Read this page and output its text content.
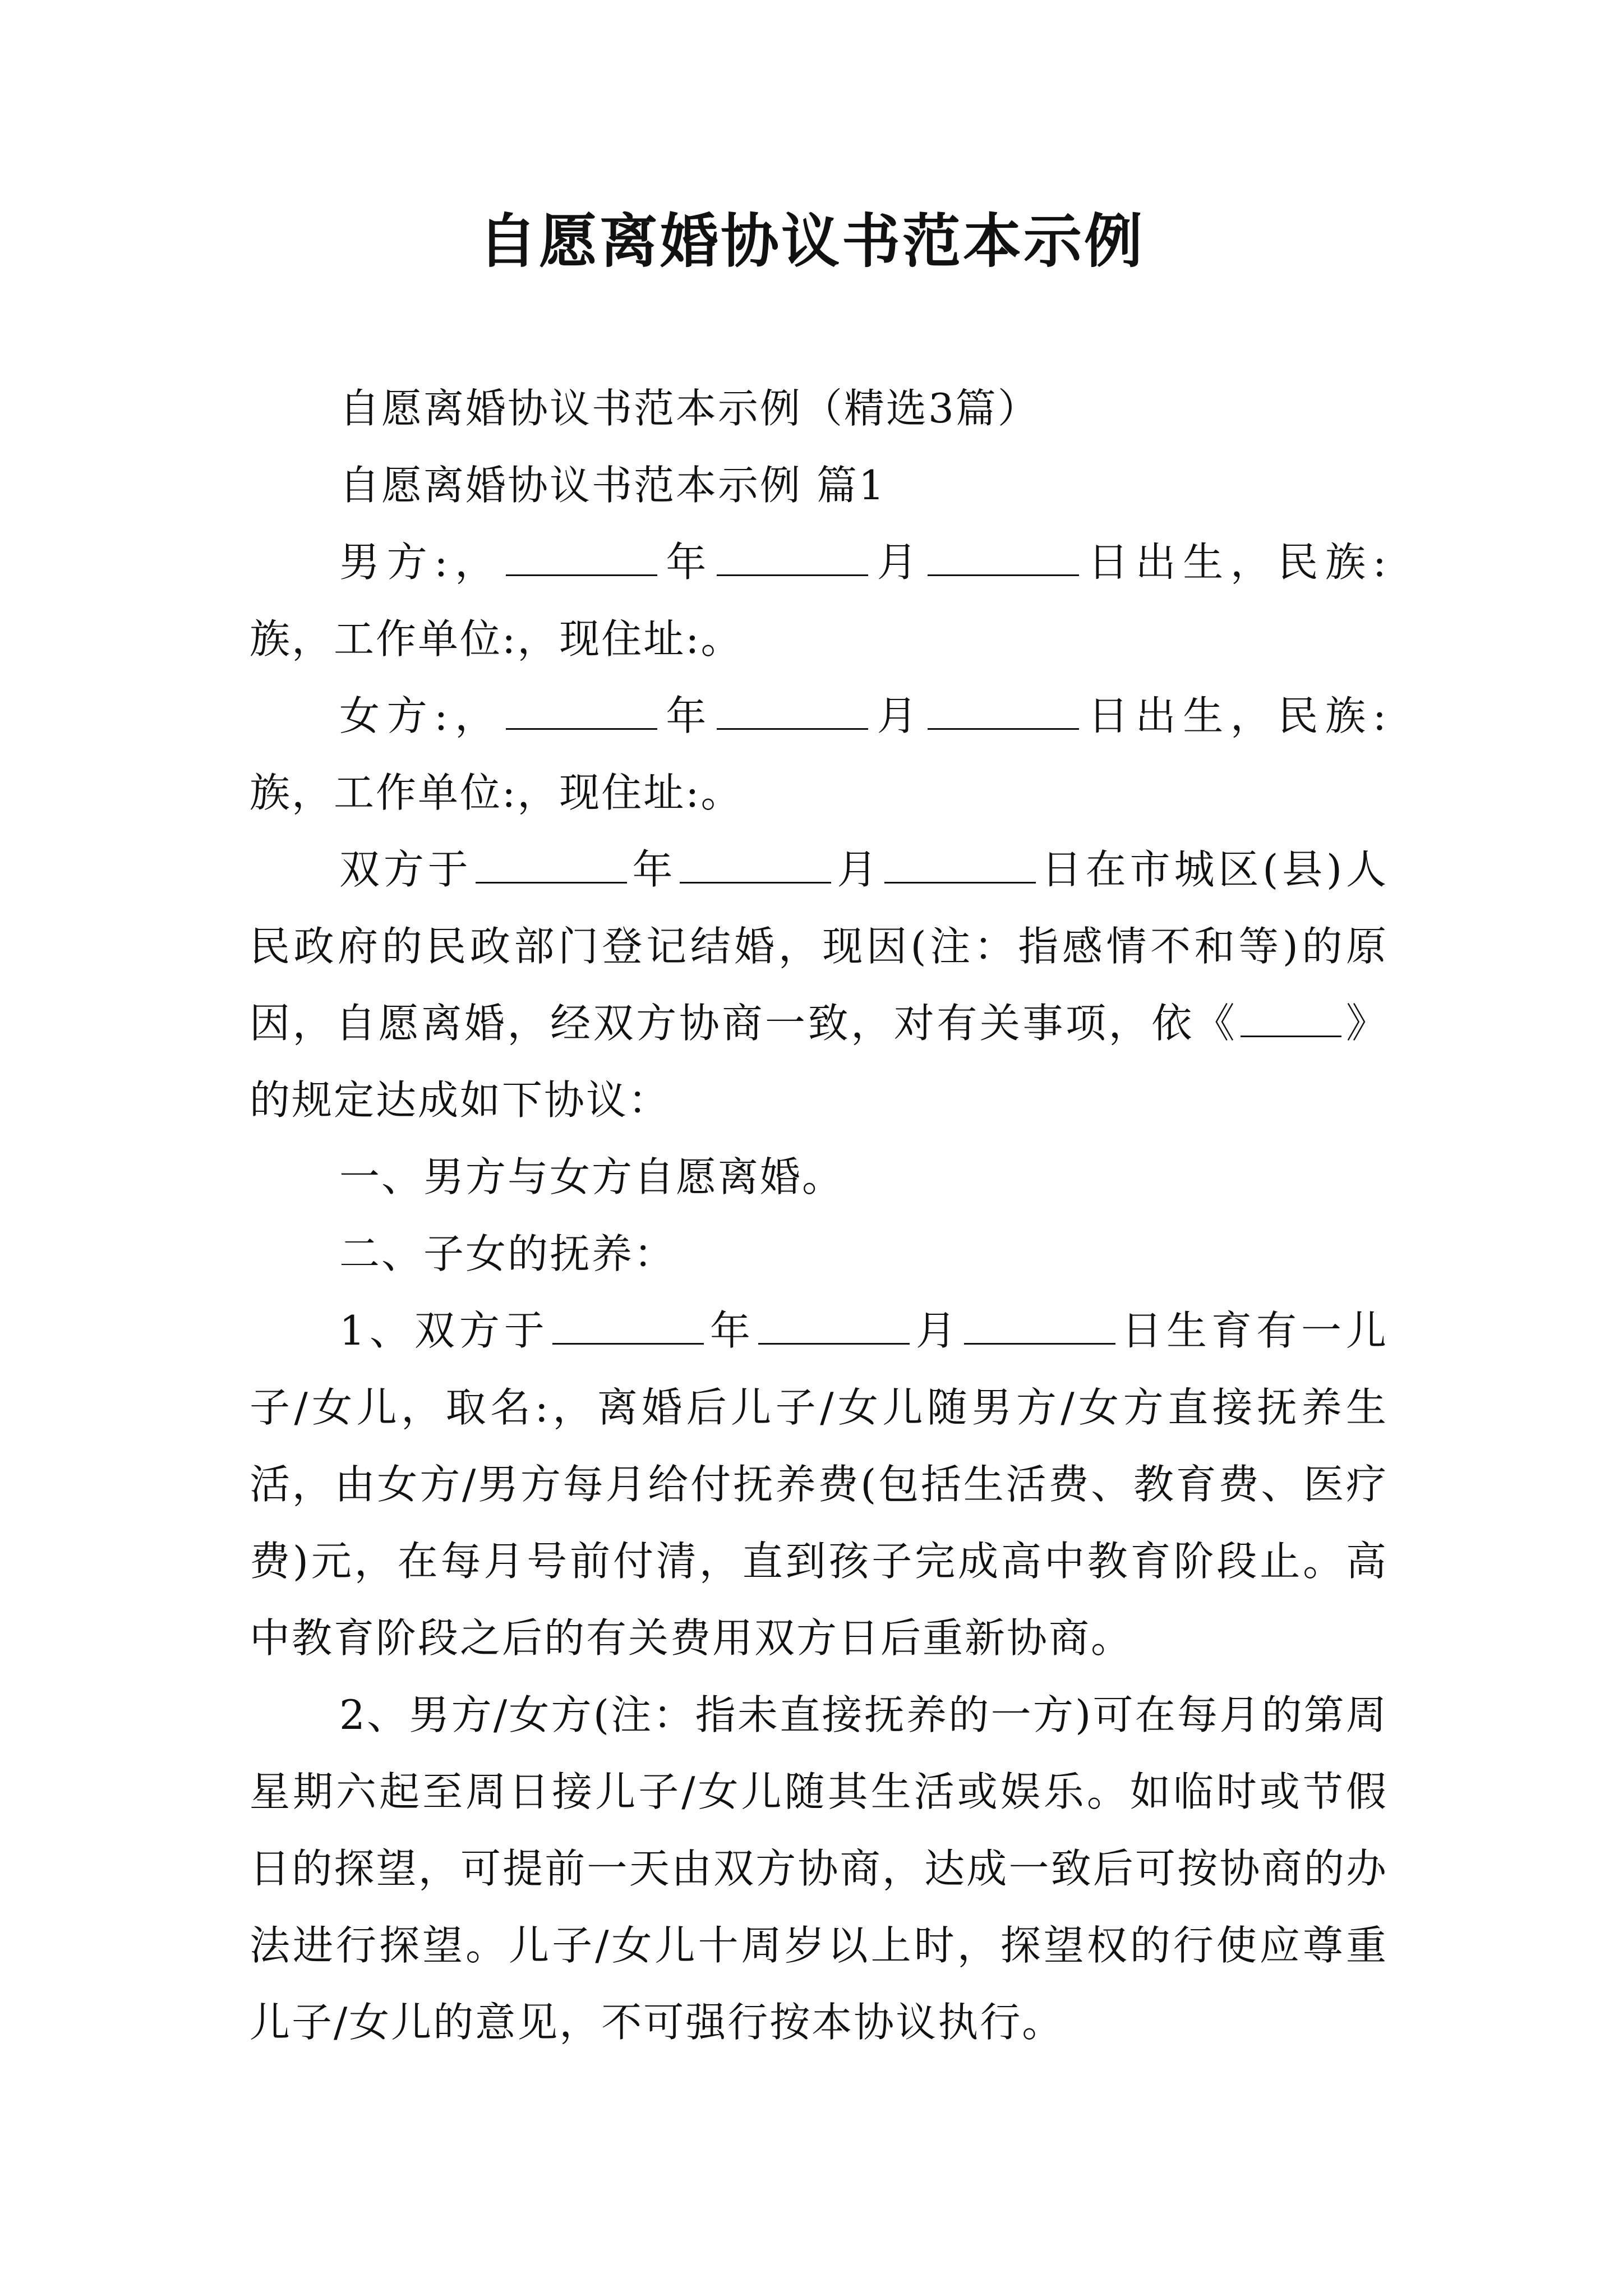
自愿离婚协议书范本示例

自愿离婚协议书范本示例（精选3篇）

自愿离婚协议书范本示例 篇1

男方:，	年	月	日出生，民族:族，工作单位:，现住址:。

女方:，	年	月	日出生，民族:族，工作单位:，现住址:。

双方于	年	月	日在市城区(县)人民政府的民政部门登记结婚，现因(注：指感情不和等)的原因，自愿离婚，经双方协商一致，对有关事项，依《	》的规定达成如下协议：

一、男方与女方自愿离婚。

二、子女的抚养：

1、双方于	年	月	日生育有一儿子/女儿，取名:，离婚后儿子/女儿随男方/女方直接抚养生活，由女方/男方每月给付抚养费(包括生活费、教育费、医疗费)元，在每月号前付清，直到孩子完成高中教育阶段止。高中教育阶段之后的有关费用双方日后重新协商。

2、男方/女方(注：指未直接抚养的一方)可在每月的第周星期六起至周日接儿子/女儿随其生活或娱乐。如临时或节假日的探望，可提前一天由双方协商，达成一致后可按协商的办法进行探望。儿子/女儿十周岁以上时，探望权的行使应尊重儿子/女儿的意见，不可强行按本协议执行。
